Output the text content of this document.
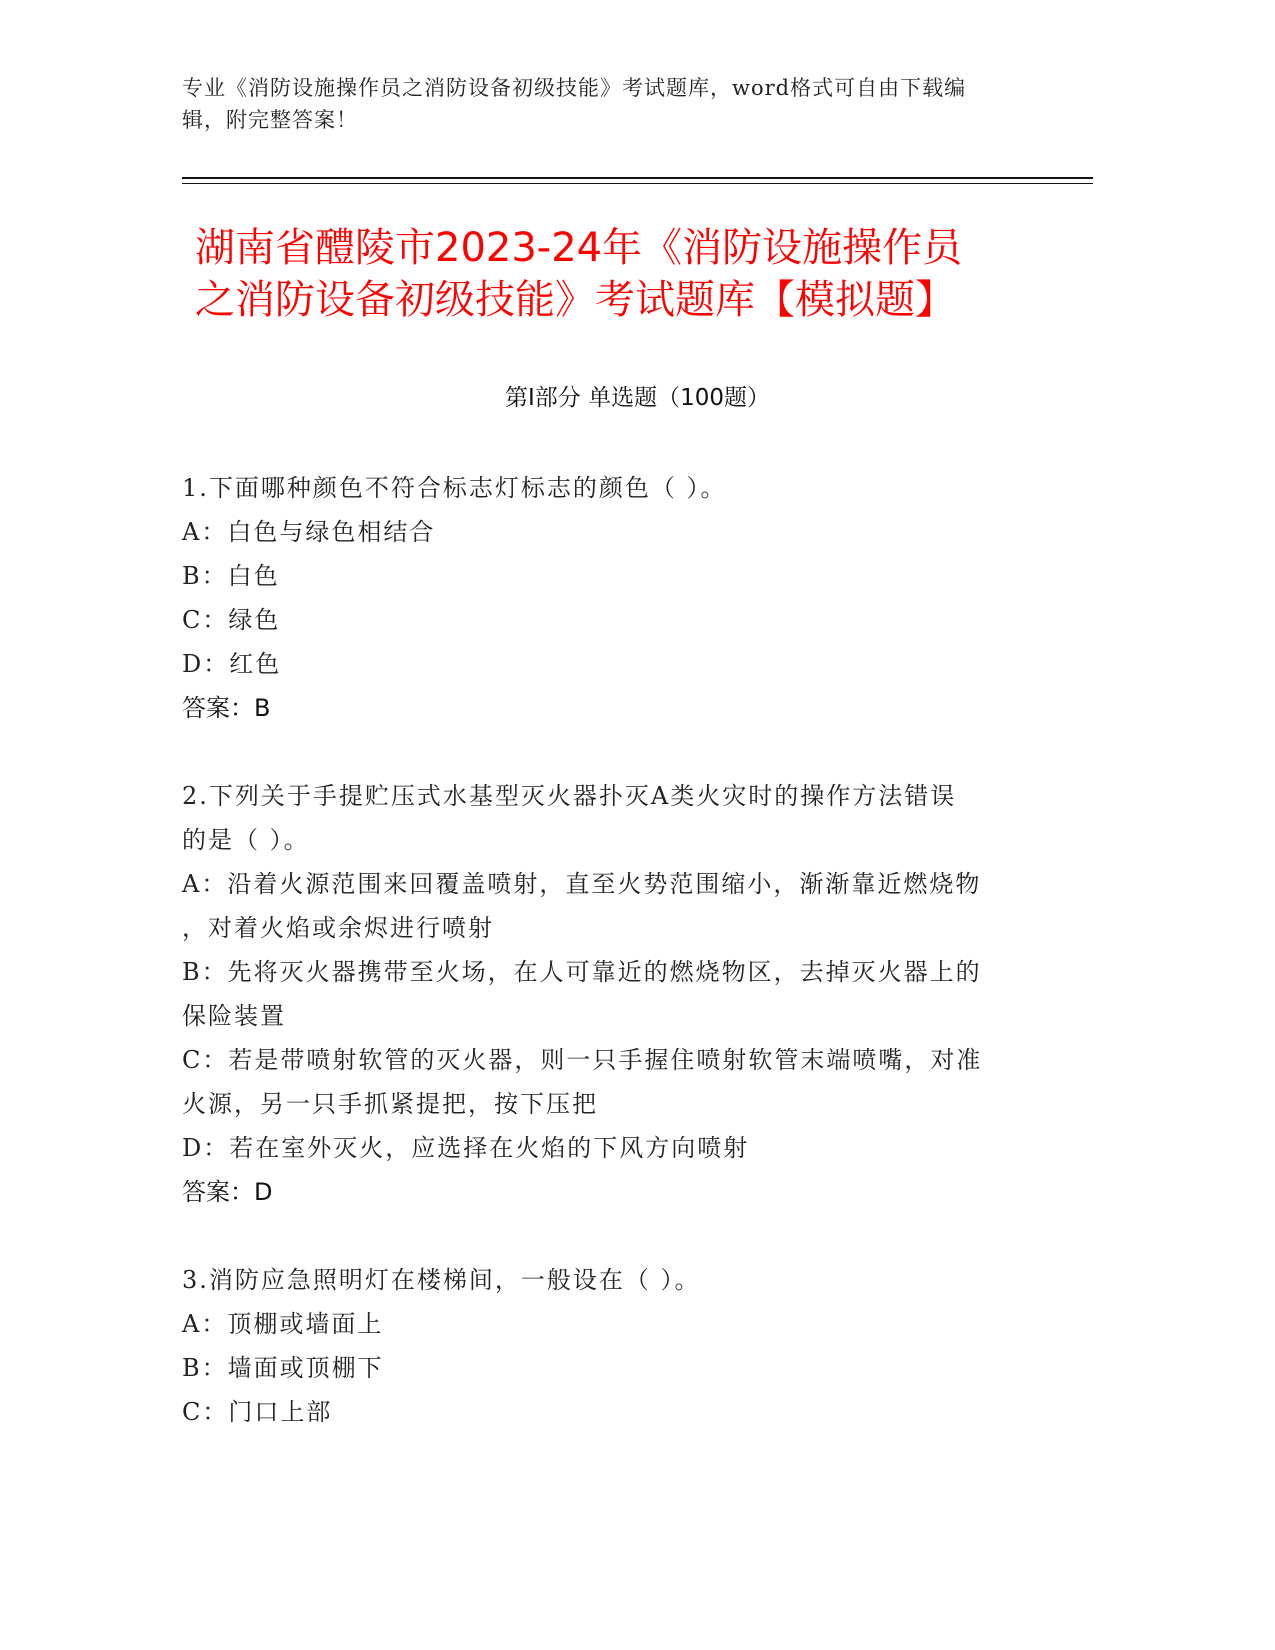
专业《消防设施操作员之消防设备初级技能》考试题库，word格式可自由下载编
辑，附完整答案！
湖南省醴陵市2023-24年《消防设施操作员
之消防设备初级技能》考试题库【模拟题】
第I部分 单选题（100题）
1.下面哪种颜色不符合标志灯标志的颜色（ ）。
A：白色与绿色相结合
B：白色
C：绿色
D：红色
答案：B
2.下列关于手提贮压式水基型灭火器扑灭A类火灾时的操作方法错误
的是（ ）。
A：沿着火源范围来回覆盖喷射，直至火势范围缩小，渐渐靠近燃烧物
，对着火焰或余烬进行喷射
B：先将灭火器携带至火场，在人可靠近的燃烧物区，去掉灭火器上的
保险装置
C：若是带喷射软管的灭火器，则一只手握住喷射软管末端喷嘴，对准
火源，另一只手抓紧提把，按下压把
D：若在室外灭火，应选择在火焰的下风方向喷射
答案：D
3.消防应急照明灯在楼梯间，一般设在（ ）。
A：顶棚或墙面上
B：墙面或顶棚下
C：门口上部
